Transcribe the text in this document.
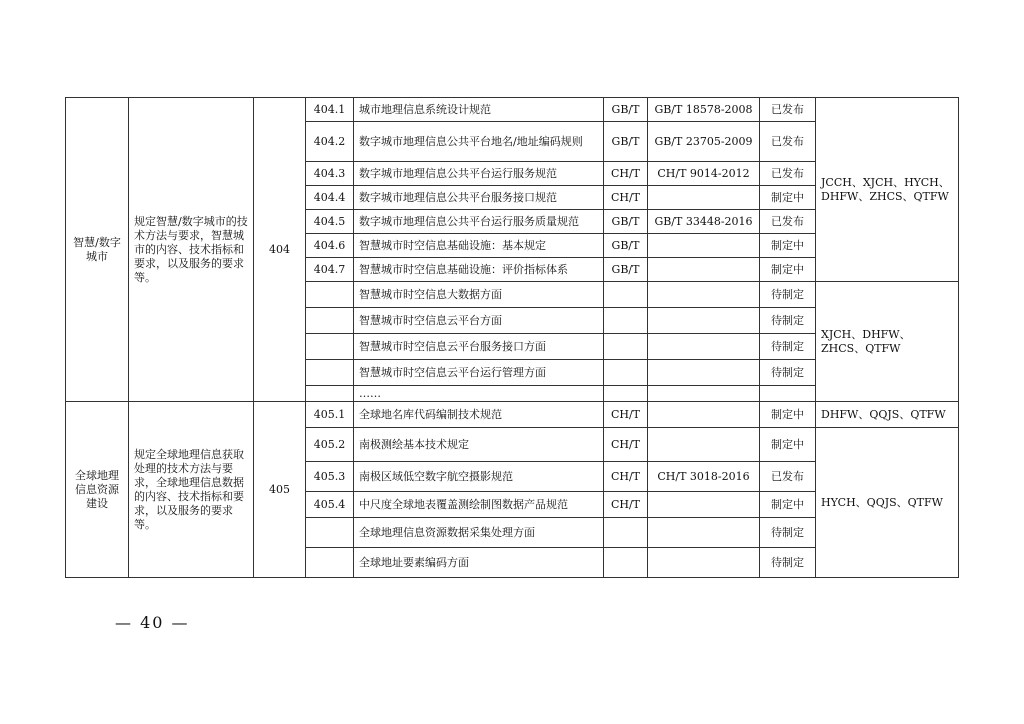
智慧/数字城市	规定智慧/数字城市的技术方法与要求，智慧城市的内容、技术指标和要求，以及服务的要求等。	404	404.1	城市地理信息系统设计规范	GB/T	GB/T 18578-2008	已发布	JCCH、XJCH、HYCH、DHFW、ZHCS、QTFW
			404.2	数字城市地理信息公共平台地名/地址编码规则	GB/T	GB/T 23705-2009	已发布	
			404.3	数字城市地理信息公共平台运行服务规范	CH/T	CH/T 9014-2012	已发布	
			404.4	数字城市地理信息公共平台服务接口规范	CH/T		制定中	
			404.5	数字城市地理信息公共平台运行服务质量规范	GB/T	GB/T 33448-2016	已发布	
			404.6	智慧城市时空信息基础设施：基本规定	GB/T		制定中	
			404.7	智慧城市时空信息基础设施：评价指标体系	GB/T		制定中	
				智慧城市时空信息大数据方面			待制定	XJCH、DHFW、ZHCS、QTFW
				智慧城市时空信息云平台方面			待制定	
				智慧城市时空信息云平台服务接口方面			待制定	
				智慧城市时空信息云平台运行管理方面			待制定	
				……				
全球地理信息资源建设	规定全球地理信息获取处理的技术方法与要求，全球地理信息数据的内容、技术指标和要求，以及服务的要求等。	405	405.1	全球地名库代码编制技术规范	CH/T		制定中	DHFW、QQJS、QTFW
			405.2	南极测绘基本技术规定	CH/T		制定中	HYCH、QQJS、QTFW
			405.3	南极区域低空数字航空摄影规范	CH/T	CH/T 3018-2016	已发布	
			405.4	中尺度全球地表覆盖测绘制图数据产品规范	CH/T		制定中	
				全球地理信息资源数据采集处理方面			待制定	
				全球地址要素编码方面			待制定	
— 40 —
